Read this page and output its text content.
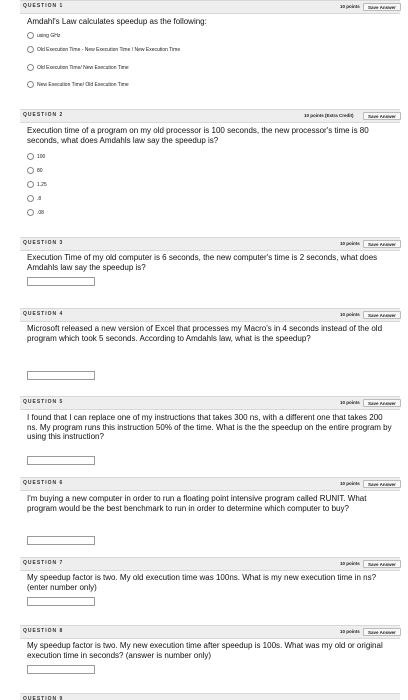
QUESTION 1	10 points	Save Answer
Amdahl's Law calculates speedup as the following:
using GHz
Old Execution Time - New Execution Time / New Execution Time
Old Execution Time/ New Execution Time
New Execution Time/ Old Execution Time
QUESTION 2	10 points (Extra Credit)	Save Answer
Execution time of a program on my old processor is 100 seconds, the new processor's time is 80 seconds, what does Amdahls law say the speedup is?
100
80
1.25
.8
.08
QUESTION 3	10 points	Save Answer
Execution Time of my old computer is 6 seconds, the new computer's time is 2 seconds, what does Amdahls law say the speedup is?
QUESTION 4	10 points	Save Answer
Microsoft released a new version of Excel that processes my Macro's in 4 seconds instead of the old program which took 5 seconds. According to Amdahls law, what is the speedup?
QUESTION 5	10 points	Save Answer
I found that I can replace one of my instructions that takes 300 ns, with a different one that takes 200 ns. My program runs this instruction 50% of the time. What is the the speedup on the entire program by using this instruction?
QUESTION 6	10 points	Save Answer
I'm buying a new computer in order to run a floating point intensive program called RUNIT. What program would be the best benchmark to run in order to determine which computer to buy?
QUESTION 7	10 points	Save Answer
My speedup factor is two. My old execution time was 100ns. What is my new execution time in ns? (enter number only)
QUESTION 8	10 points	Save Answer
My speedup factor is two. My new execution time after speedup is 100s. What was my old or original execution time in seconds? (answer is number only)
QUESTION 9
